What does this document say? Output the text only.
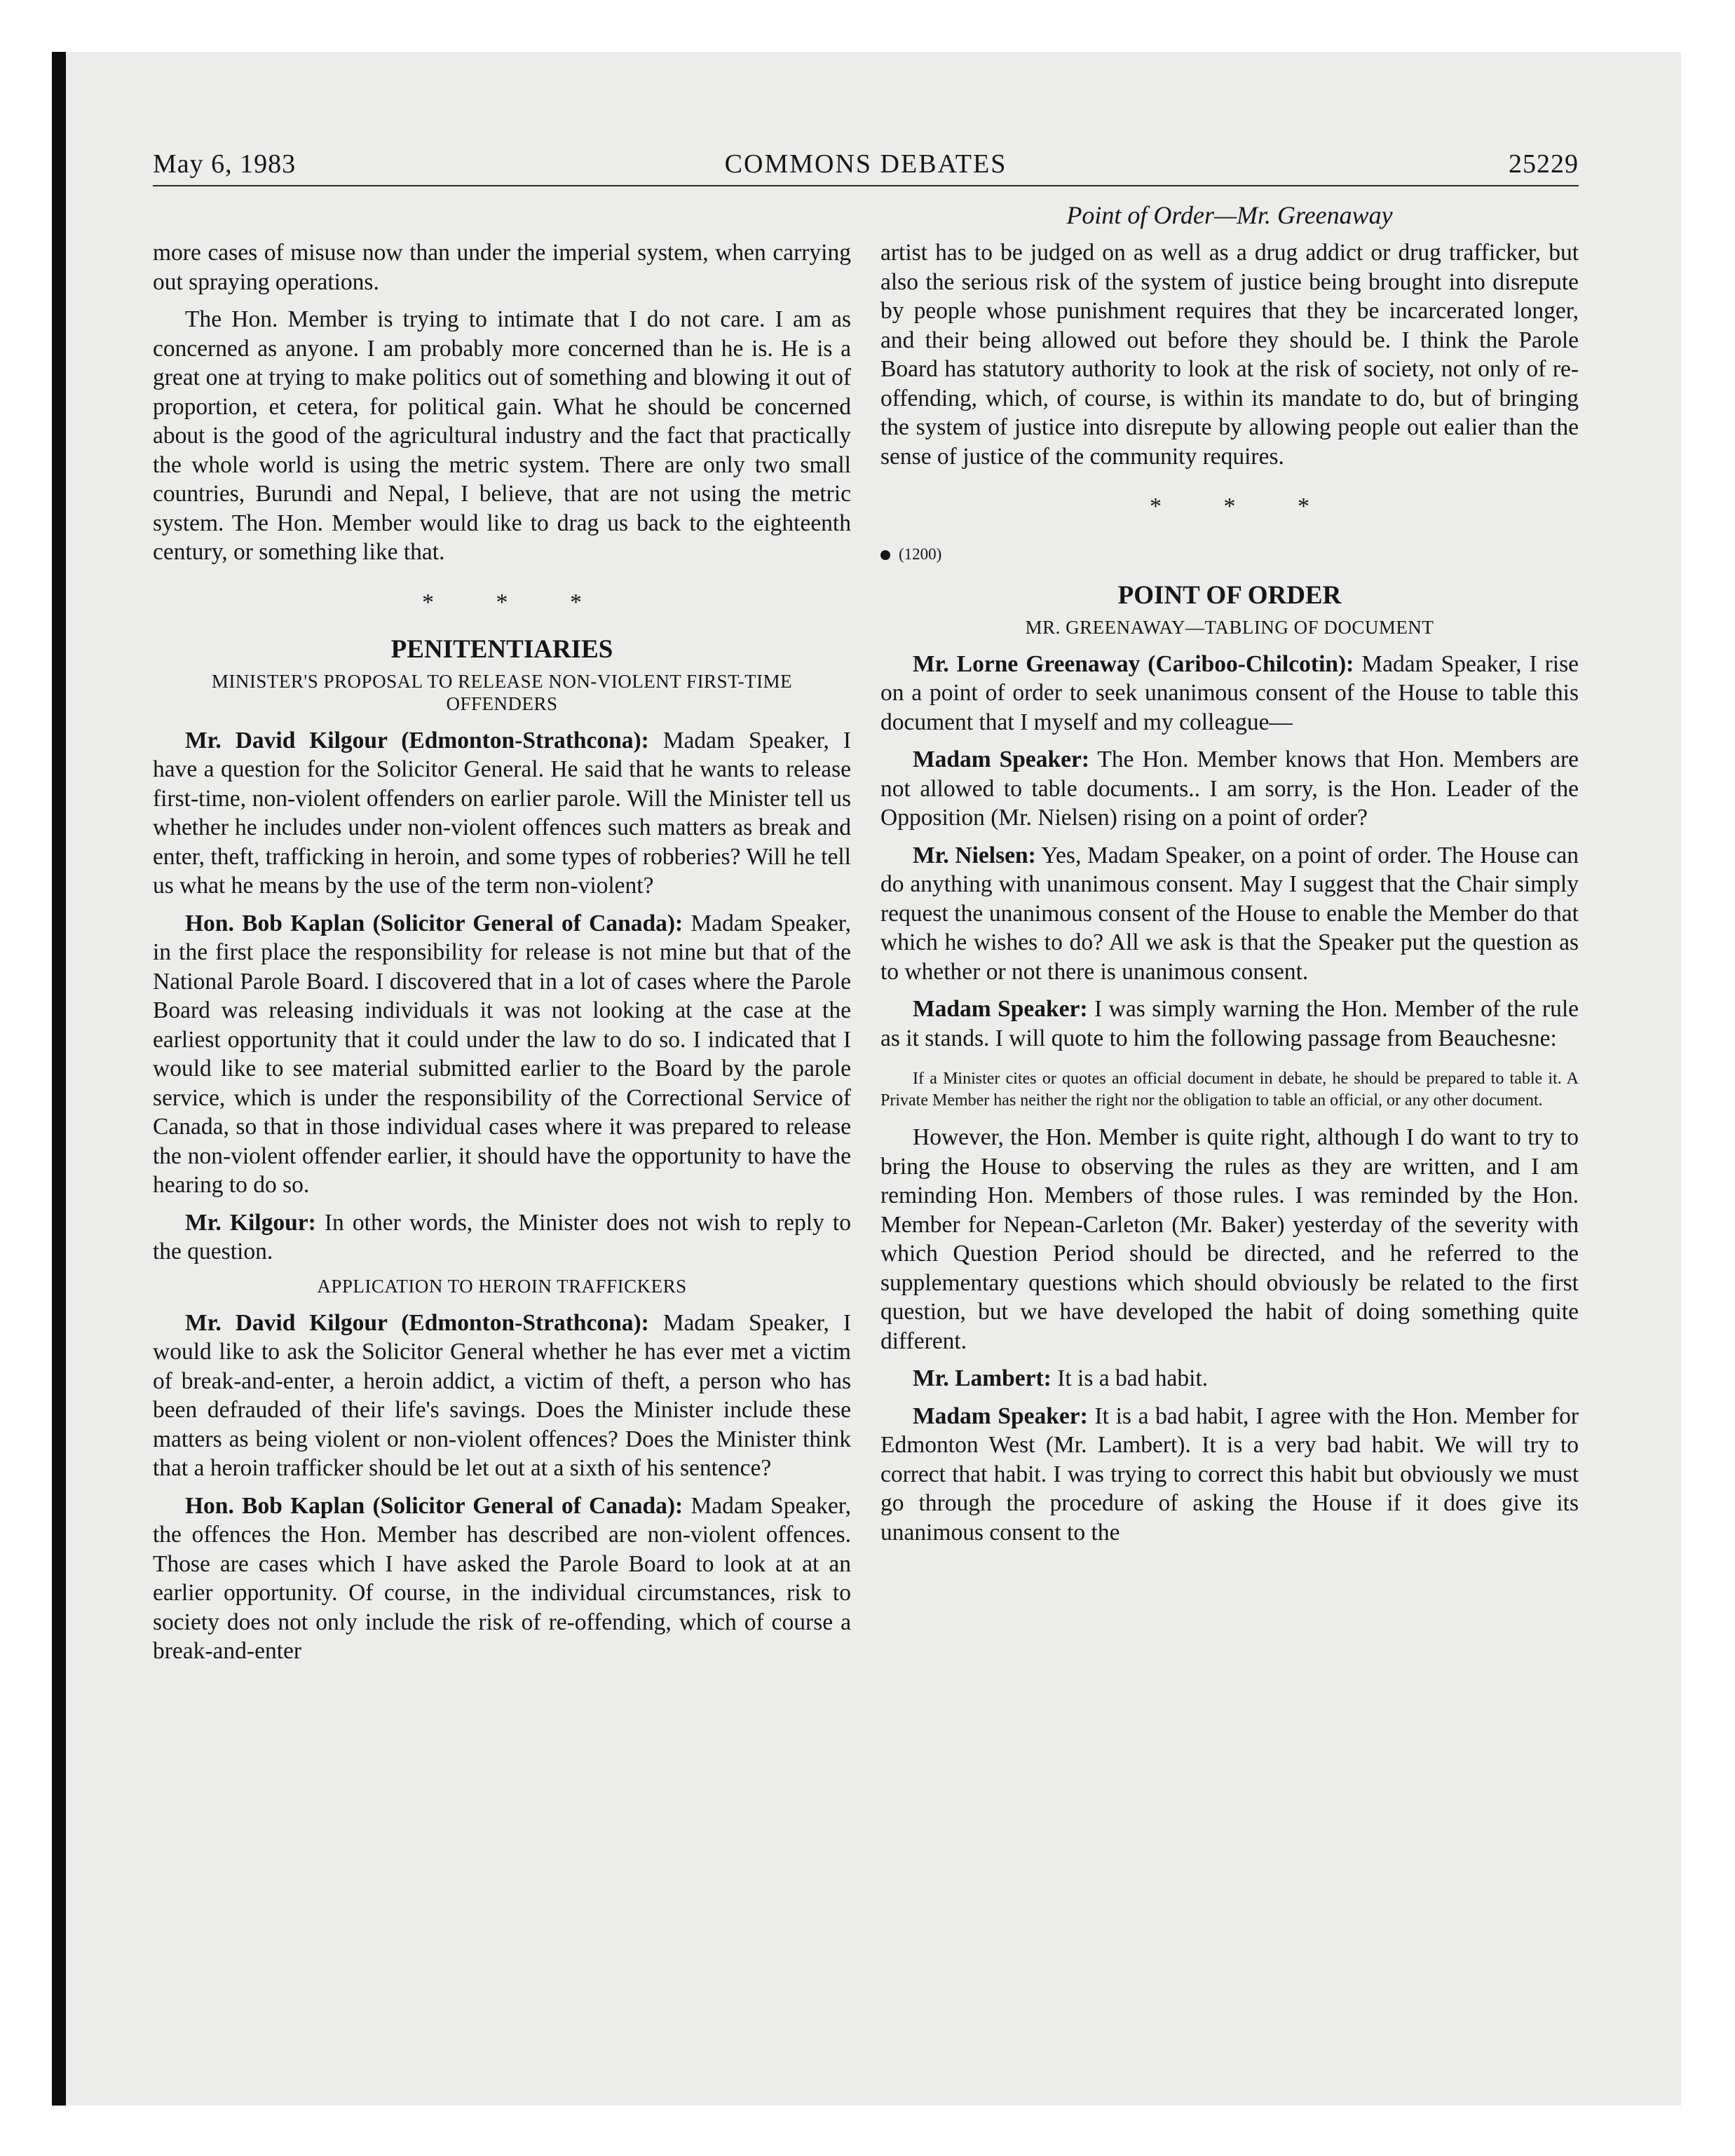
COMMONS DEBATES
May 6, 1983	25229
Point of Order—Mr. Greenaway

more cases of misuse now than under the imperial system, when carrying out spraying operations.

The Hon. Member is trying to intimate that I do not care. I am as concerned as anyone. I am probably more concerned than he is. He is a great one at trying to make politics out of something and blowing it out of proportion, et cetera, for political gain. What he should be concerned about is the good of the agricultural industry and the fact that practically the whole world is using the metric system. There are only two small countries, Burundi and Nepal, I believe, that are not using the metric system. The Hon. Member would like to drag us back to the eighteenth century, or something like that.

* * *
PENITENTIARIES
MINISTER'S PROPOSAL TO RELEASE NON-VIOLENT FIRST-TIME OFFENDERS

Mr. David Kilgour (Edmonton-Strathcona): Madam Speaker, I have a question for the Solicitor General. He said that he wants to release first-time, non-violent offenders on earlier parole. Will the Minister tell us whether he includes under non-violent offences such matters as break and enter, theft, trafficking in heroin, and some types of robberies? Will he tell us what he means by the use of the term non-violent?

Hon. Bob Kaplan (Solicitor General of Canada): Madam Speaker, in the first place the responsibility for release is not mine but that of the National Parole Board. I discovered that in a lot of cases where the Parole Board was releasing individuals it was not looking at the case at the earliest opportunity that it could under the law to do so. I indicated that I would like to see material submitted earlier to the Board by the parole service, which is under the responsibility of the Correctional Service of Canada, so that in those individual cases where it was prepared to release the non-violent offender earlier, it should have the opportunity to have the hearing to do so.

Mr. Kilgour: In other words, the Minister does not wish to reply to the question.

APPLICATION TO HEROIN TRAFFICKERS

Mr. David Kilgour (Edmonton-Strathcona): Madam Speaker, I would like to ask the Solicitor General whether he has ever met a victim of break-and-enter, a heroin addict, a victim of theft, a person who has been defrauded of their life's savings. Does the Minister include these matters as being violent or non-violent offences? Does the Minister think that a heroin trafficker should be let out at a sixth of his sentence?

Hon. Bob Kaplan (Solicitor General of Canada): Madam Speaker, the offences the Hon. Member has described are non-violent offences. Those are cases which I have asked the Parole Board to look at at an earlier opportunity. Of course, in the individual circumstances, risk to society does not only include the risk of re-offending, which of course a break-and-enter

artist has to be judged on as well as a drug addict or drug trafficker, but also the serious risk of the system of justice being brought into disrepute by people whose punishment requires that they be incarcerated longer, and their being allowed out before they should be. I think the Parole Board has statutory authority to look at the risk of society, not only of re-offending, which, of course, is within its mandate to do, but of bringing the system of justice into disrepute by allowing people out ealier than the sense of justice of the community requires.

* * *
(1200)
POINT OF ORDER
MR. GREENAWAY—TABLING OF DOCUMENT

Mr. Lorne Greenaway (Cariboo-Chilcotin): Madam Speaker, I rise on a point of order to seek unanimous consent of the House to table this document that I myself and my colleague—

Madam Speaker: The Hon. Member knows that Hon. Members are not allowed to table documents.. I am sorry, is the Hon. Leader of the Opposition (Mr. Nielsen) rising on a point of order?

Mr. Nielsen: Yes, Madam Speaker, on a point of order. The House can do anything with unanimous consent. May I suggest that the Chair simply request the unanimous consent of the House to enable the Member do that which he wishes to do? All we ask is that the Speaker put the question as to whether or not there is unanimous consent.

Madam Speaker: I was simply warning the Hon. Member of the rule as it stands. I will quote to him the following passage from Beauchesne:

If a Minister cites or quotes an official document in debate, he should be prepared to table it. A Private Member has neither the right nor the obligation to table an official, or any other document.

However, the Hon. Member is quite right, although I do want to try to bring the House to observing the rules as they are written, and I am reminding Hon. Members of those rules. I was reminded by the Hon. Member for Nepean-Carleton (Mr. Baker) yesterday of the severity with which Question Period should be directed, and he referred to the supplementary questions which should obviously be related to the first question, but we have developed the habit of doing something quite different.

Mr. Lambert: It is a bad habit.

Madam Speaker: It is a bad habit, I agree with the Hon. Member for Edmonton West (Mr. Lambert). It is a very bad habit. We will try to correct that habit. I was trying to correct this habit but obviously we must go through the procedure of asking the House if it does give its unanimous consent to the
